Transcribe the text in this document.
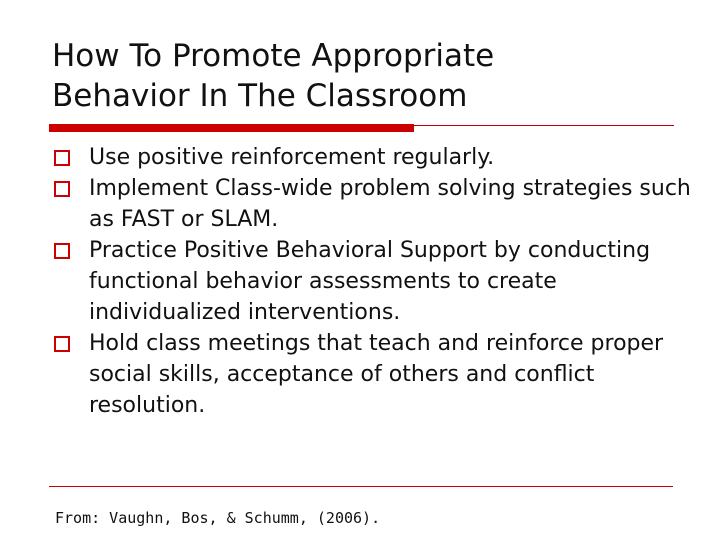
How To Promote Appropriate
Behavior In The Classroom
Use positive reinforcement regularly.
Implement Class-wide problem solving strategies such as FAST or SLAM.
Practice Positive Behavioral Support by conducting functional behavior assessments to create individualized interventions.
Hold class meetings that teach and reinforce proper social skills, acceptance of others and conflict resolution.
From: Vaughn, Bos, & Schumm, (2006).
